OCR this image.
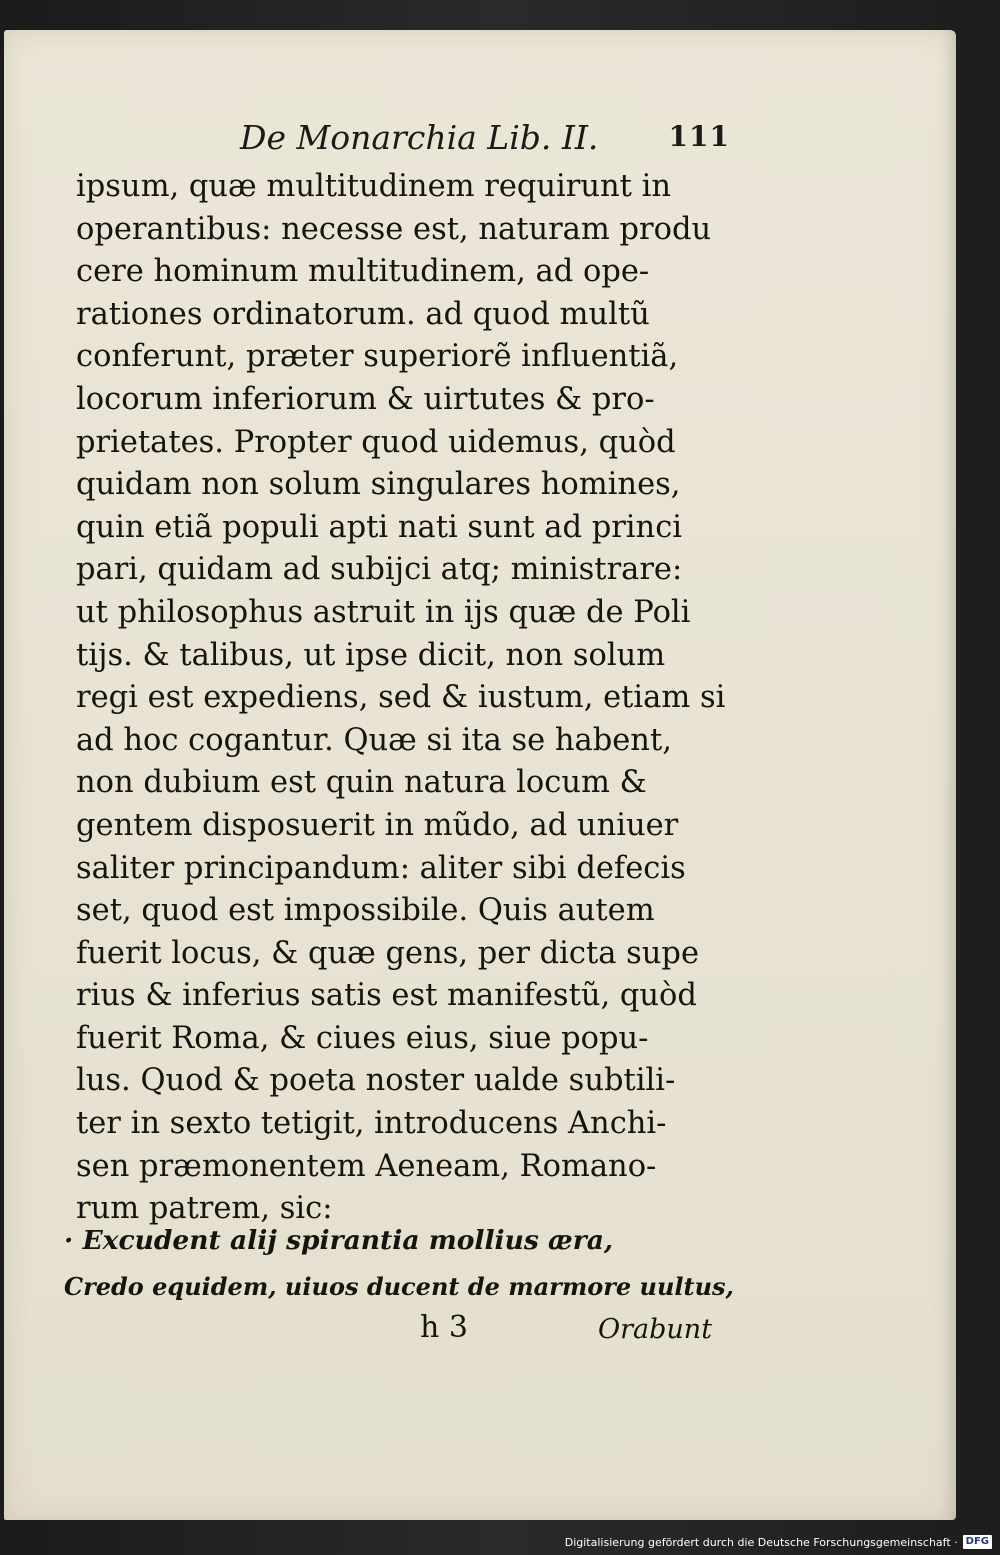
De Monarchia Lib. II.	111
ipsum, quæ multitudinem requirunt in
operantibus: necesse est, naturam produ
cere hominum multitudinem, ad ope-
rationes ordinatorum. ad quod multũ
conferunt, præter superiorẽ influentiã,
locorum inferiorum & uirtutes & pro-
prietates. Propter quod uidemus, quòd
quidam non solum singulares homines,
quin etiã populi apti nati sunt ad princi
pari, quidam ad subijci atq; ministrare:
ut philosophus astruit in ijs quæ de Poli
tijs. & talibus, ut ipse dicit, non solum
regi est expediens, sed & iustum, etiam si
ad hoc cogantur. Quæ si ita se habent,
non dubium est quin natura locum &
gentem disposuerit in mũdo, ad uniuer
saliter principandum: aliter sibi defecis
set, quod est impossibile. Quis autem
fuerit locus, & quæ gens, per dicta supe
rius & inferius satis est manifestũ, quòd
fuerit Roma, & ciues eius, siue popu-
lus. Quod & poeta noster ualde subtili-
ter in sexto tetigit, introducens Anchi-
sen præmonentem Aeneam, Romano-
rum patrem, sic:
· Excudent alij spirantia mollius æra,
Credo equidem, uiuos ducent de marmore uultus,
h 3	Orabunt
Digitalisierung gefördert durch die Deutsche Forschungsgemeinschaft · DFG
